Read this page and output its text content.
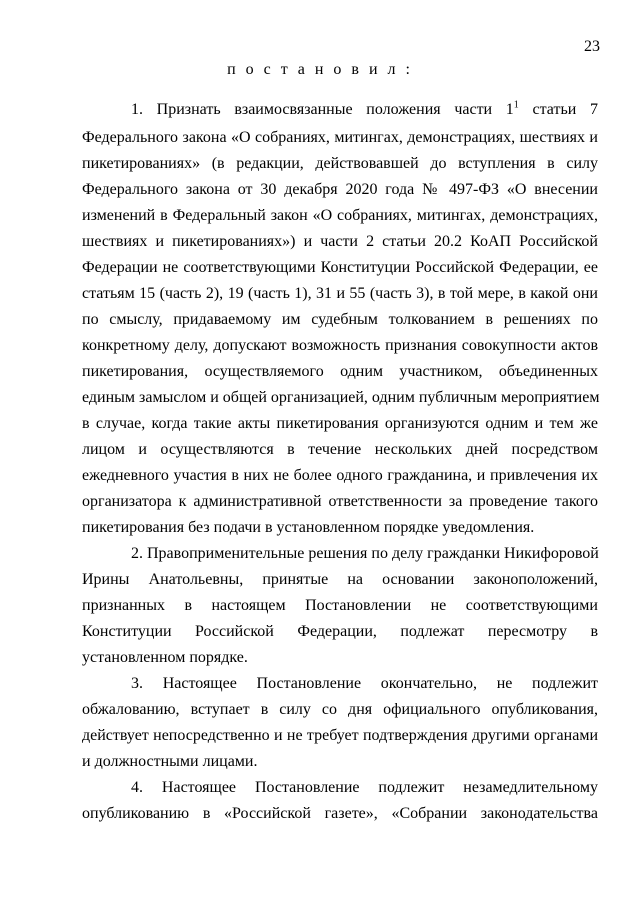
23
п о с т а н о в и л :
1. Признать взаимосвязанные положения части $1^1$ статьи 7
Федерального закона «О собраниях, митингах, демонстрациях, шествиях и
пикетированиях» (в редакции, действовавшей до вступления в силу
Федерального закона от 30 декабря 2020 года № 497-ФЗ «О внесении
изменений в Федеральный закон «О собраниях, митингах, демонстрациях,
шествиях и пикетированиях») и части 2 статьи 20.2 КоАП Российской
Федерации не соответствующими Конституции Российской Федерации, ее
статьям 15 (часть 2), 19 (часть 1), 31 и 55 (часть 3), в той мере, в какой они
по смыслу, придаваемому им судебным толкованием в решениях по
конкретному делу, допускают возможность признания совокупности актов
пикетирования, осуществляемого одним участником, объединенных
единым замыслом и общей организацией, одним публичным мероприятием
в случае, когда такие акты пикетирования организуются одним и тем же
лицом и осуществляются в течение нескольких дней посредством
ежедневного участия в них не более одного гражданина, и привлечения их
организатора к административной ответственности за проведение такого
пикетирования без подачи в установленном порядке уведомления.
2. Правоприменительные решения по делу гражданки Никифоровой
Ирины Анатольевны, принятые на основании законоположений,
признанных в настоящем Постановлении не соответствующими
Конституции Российской Федерации, подлежат пересмотру в
установленном порядке.
3. Настоящее Постановление окончательно, не подлежит
обжалованию, вступает в силу со дня официального опубликования,
действует непосредственно и не требует подтверждения другими органами
и должностными лицами.
4. Настоящее Постановление подлежит незамедлительному
опубликованию в «Российской газете», «Собрании законодательства
